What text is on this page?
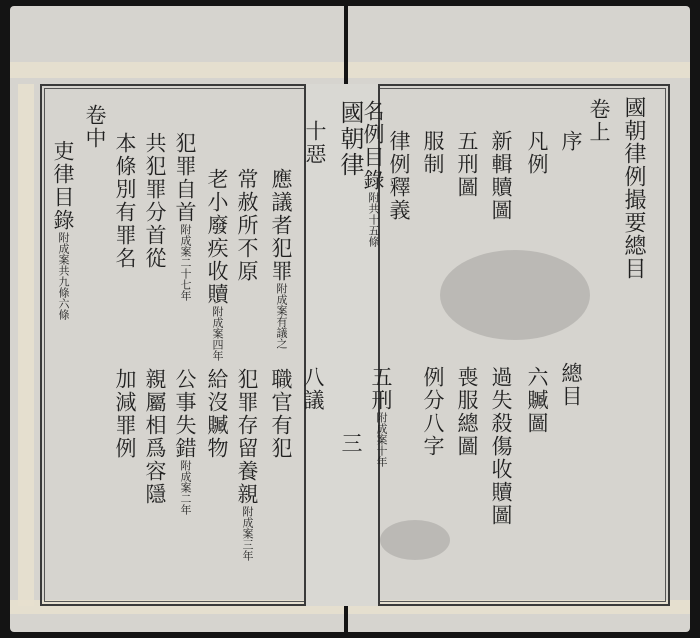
國朝律例撮要總目
卷上
序
凡例
新輯贖圖
五刑圖
服制
律例釋義
名例目錄附共十五條
總目
六贓圖
過失殺傷收贖圖
喪服總圖
例分八字
五刑附成案十年
八議
國朝律
十惡
三
應議者犯罪附成案有議之
常赦所不原
老小廢疾收贖附成案四年
犯罪自首附成案二十七年
共犯罪分首從
本條別有罪名
卷中
吏律目錄附成案共九條六條
職官有犯
犯罪存留養親附成案三年
給沒贓物
公事失錯附成案二年
親屬相爲容隱
加減罪例
